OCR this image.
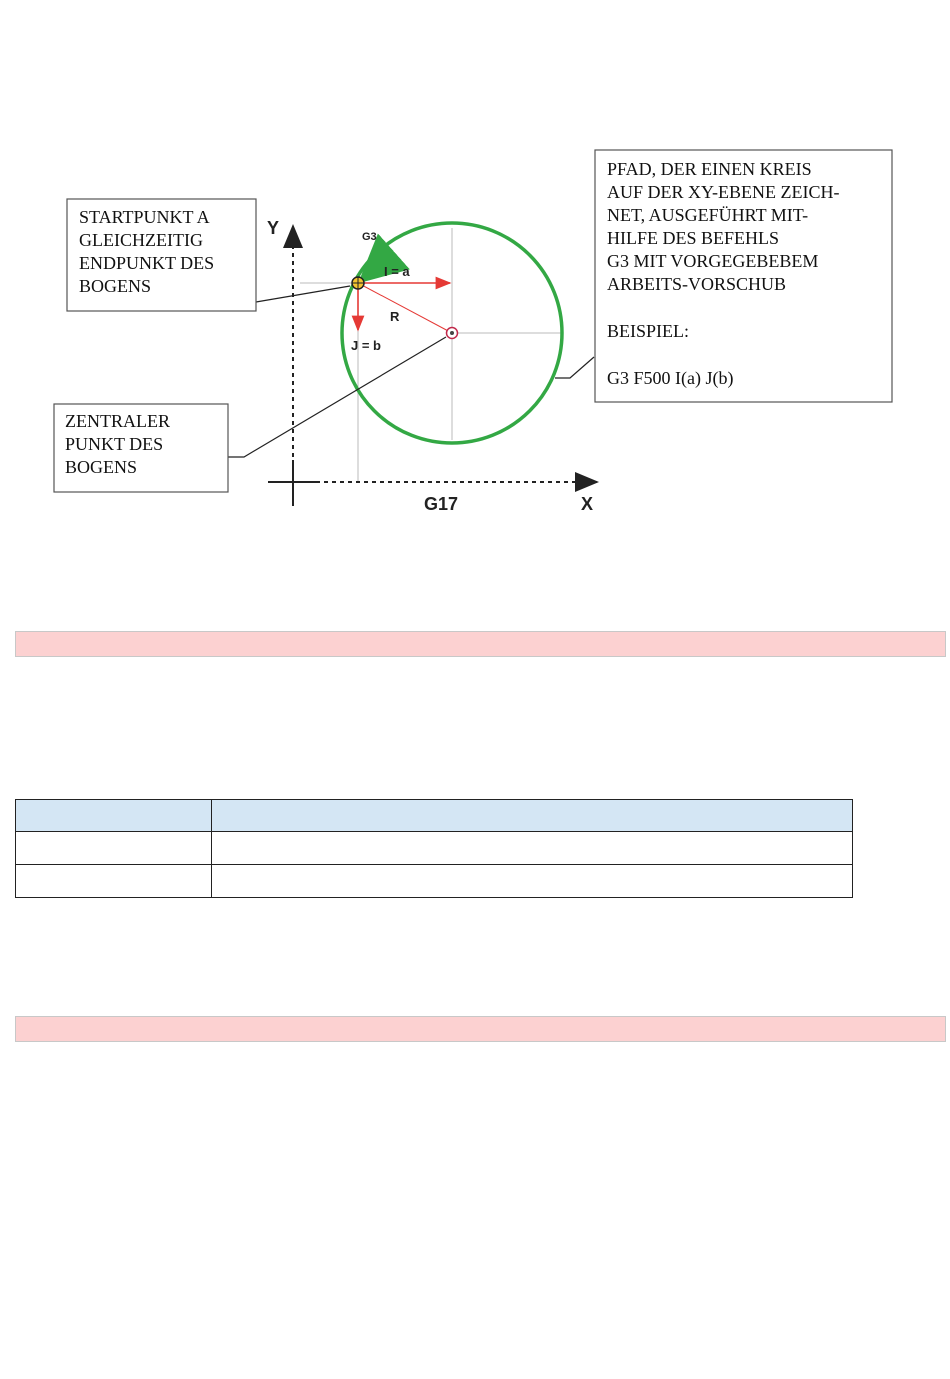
Y
X
G17
G3
I = a
J = b
R
STARTPUNKT A
GLEICHZEITIG
ENDPUNKT DES
BOGENS
ZENTRALER
PUNKT DES
BOGENS
PFAD, DER EINEN KREIS
AUF DER XY-EBENE ZEICH-
NET, AUSGEFÜHRT MIT-
HILFE DES BEFEHLS
G3 MIT VORGEGEBEBEM
ARBEITS-VORSCHUB
BEISPIEL:
G3 F500 I(a) J(b)
